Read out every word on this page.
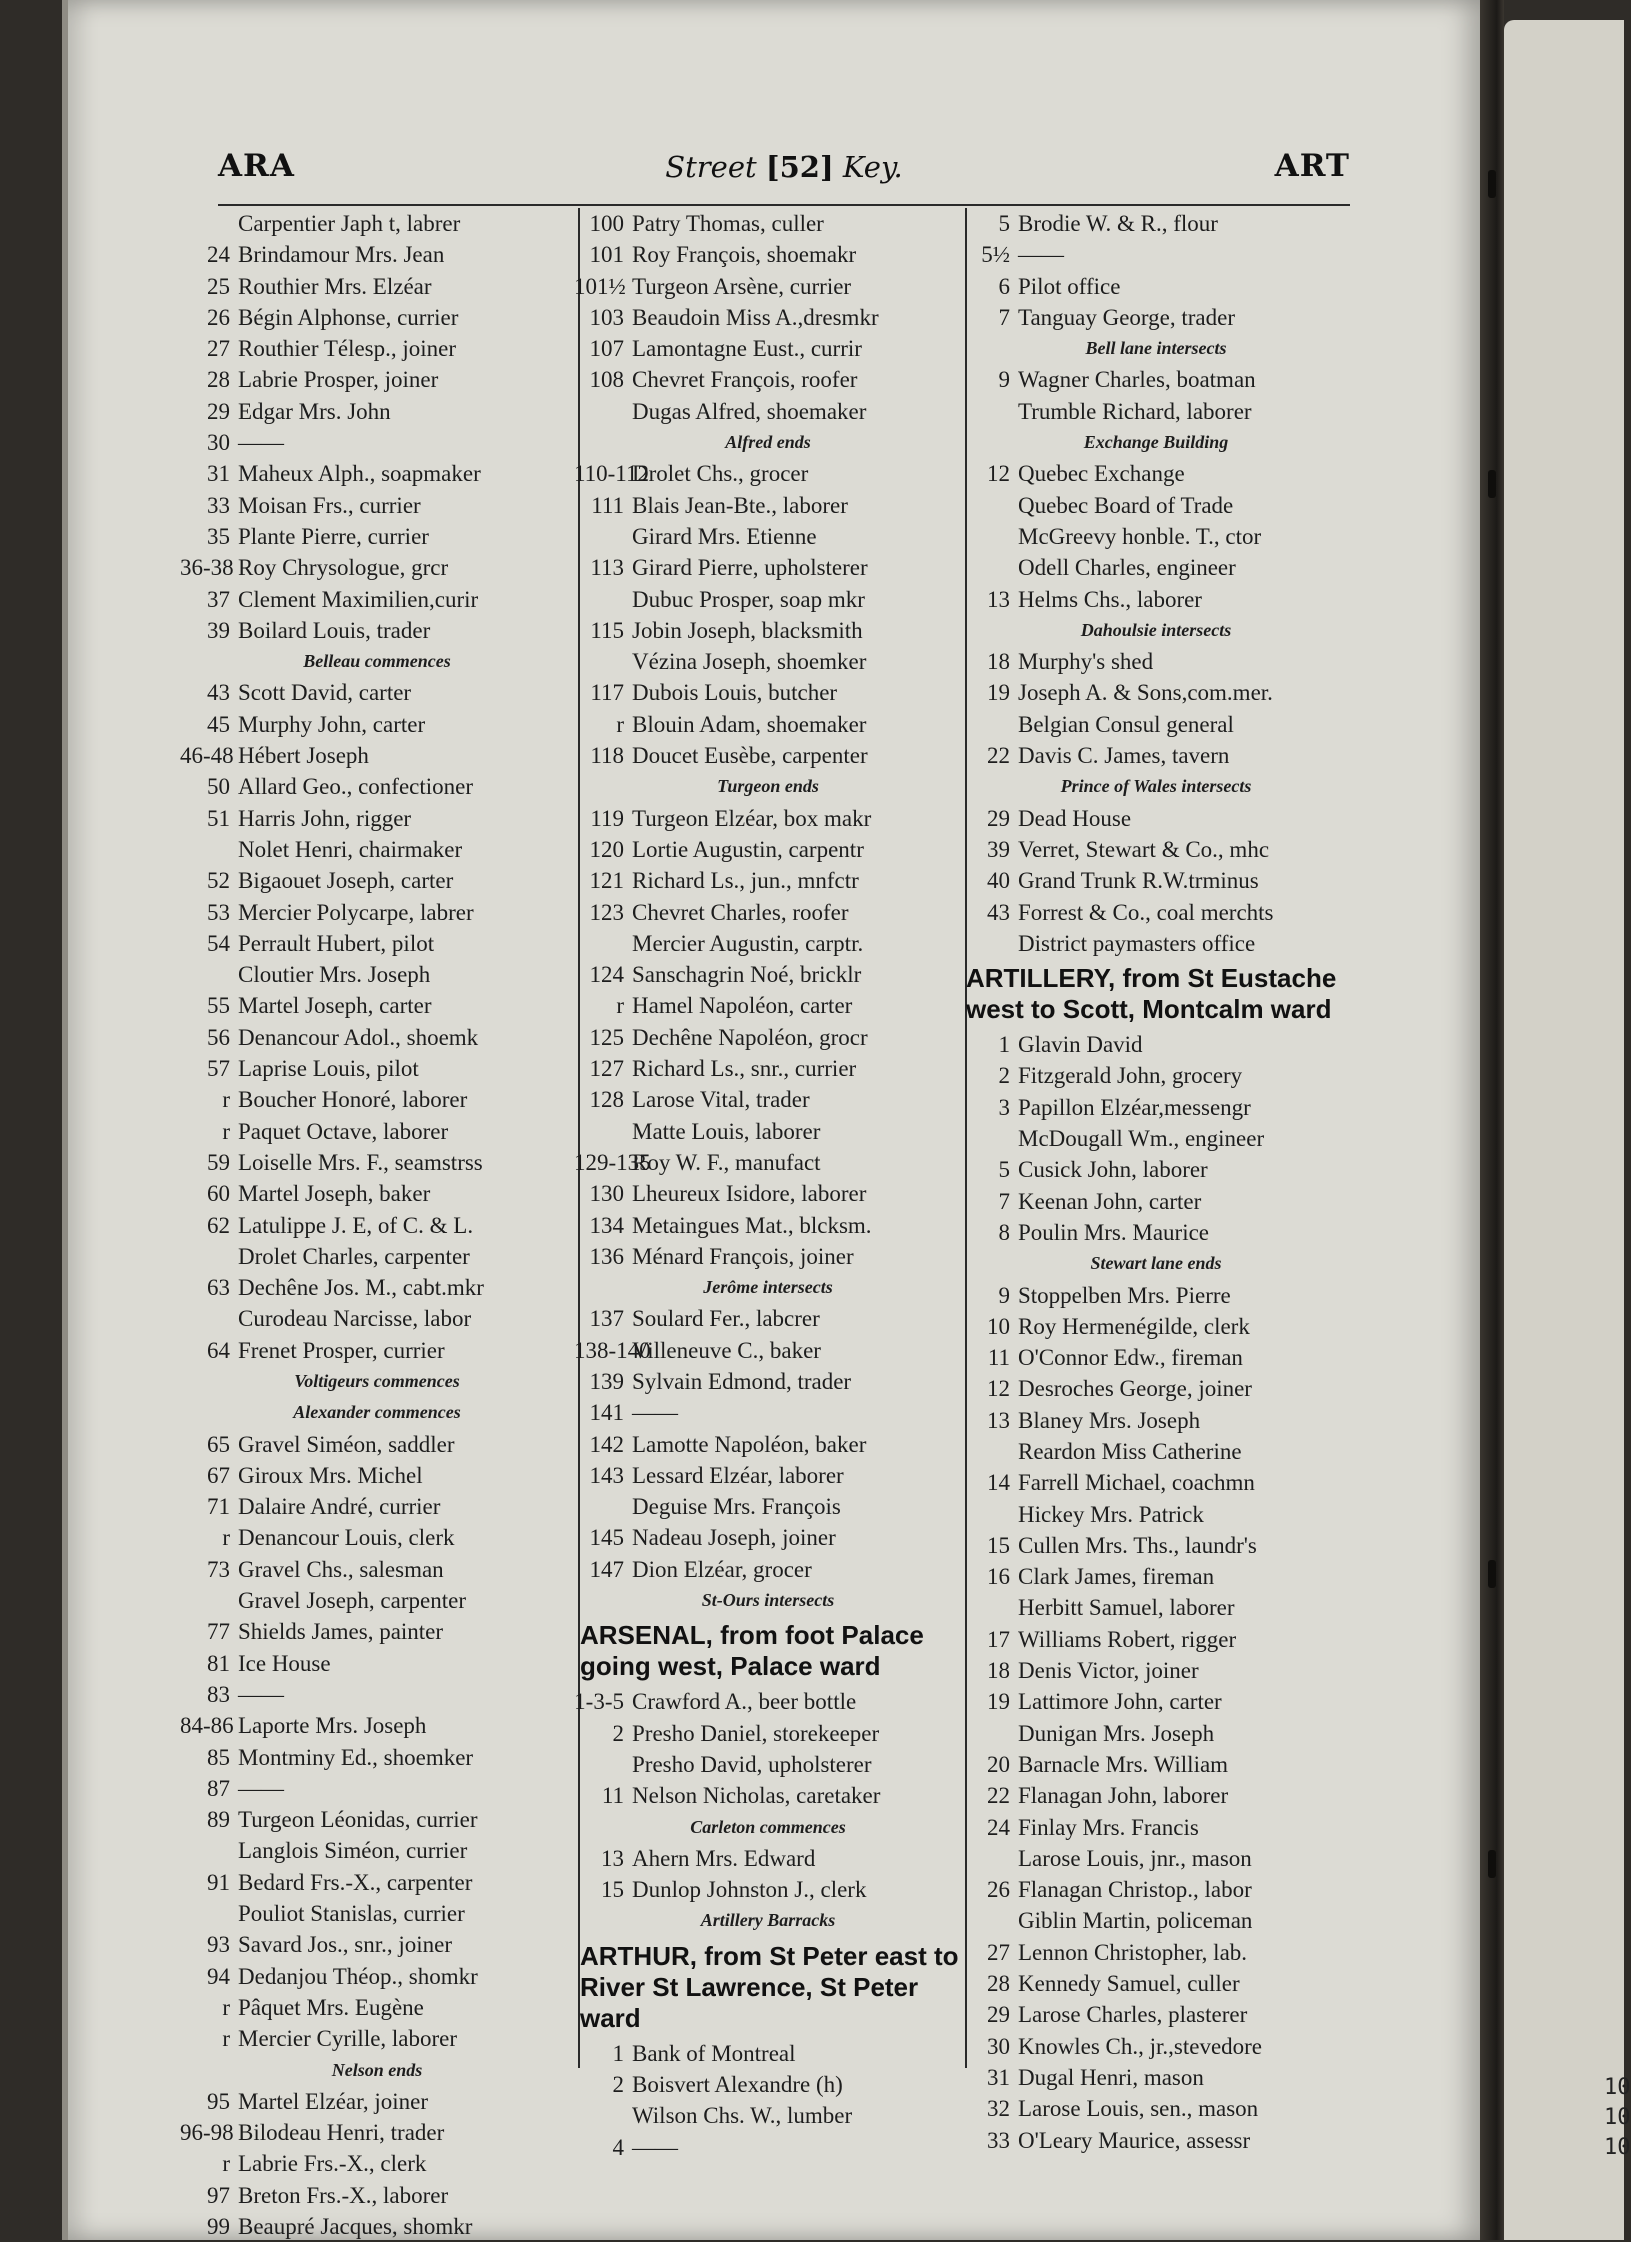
10
10
10
ARA	Street [52] Key.	ART
Carpentier Japh t, labrer
24 Brindamour Mrs. Jean
25 Routhier Mrs. Elzéar
26 Bégin Alphonse, currier
27 Routhier Télesp., joiner
28 Labrie Prosper, joiner
29 Edgar Mrs. John
30 ——
31 Maheux Alph., soapmaker
33 Moisan Frs., currier
35 Plante Pierre, currier
36-38 Roy Chrysologue, grcr
37 Clement Maximilien,curir
39 Boilard Louis, trader
Belleau commences
43 Scott David, carter
45 Murphy John, carter
46-48 Hébert Joseph
50 Allard Geo., confectioner
51 Harris John, rigger
Nolet Henri, chairmaker
52 Bigaouet Joseph, carter
53 Mercier Polycarpe, labrer
54 Perrault Hubert, pilot
Cloutier Mrs. Joseph
55 Martel Joseph, carter
56 Denancour Adol., shoemk
57 Laprise Louis, pilot
r Boucher Honoré, laborer
r Paquet Octave, laborer
59 Loiselle Mrs. F., seamstrss
60 Martel Joseph, baker
62 Latulippe J. E, of C. & L.
Drolet Charles, carpenter
63 Dechêne Jos. M., cabt.mkr
Curodeau Narcisse, labor
64 Frenet Prosper, currier
Voltigeurs commences
Alexander commences
65 Gravel Siméon, saddler
67 Giroux Mrs. Michel
71 Dalaire André, currier
r Denancour Louis, clerk
73 Gravel Chs., salesman
Gravel Joseph, carpenter
77 Shields James, painter
81 Ice House
83 ——
84-86 Laporte Mrs. Joseph
85 Montminy Ed., shoemker
87 ——
89 Turgeon Léonidas, currier
Langlois Siméon, currier
91 Bedard Frs.-X., carpenter
Pouliot Stanislas, currier
93 Savard Jos., snr., joiner
94 Dedanjou Théop., shomkr
r Pâquet Mrs. Eugène
r Mercier Cyrille, laborer
Nelson ends
95 Martel Elzéar, joiner
96-98 Bilodeau Henri, trader
r Labrie Frs.-X., clerk
97 Breton Frs.-X., laborer
99 Beaupré Jacques, shomkr
100 Patry Thomas, culler
101 Roy François, shoemakr
101½ Turgeon Arsène, currier
103 Beaudoin Miss A.,dresmkr
107 Lamontagne Eust., currir
108 Chevret François, roofer
Dugas Alfred, shoemaker
Alfred ends
110-112Drolet Chs., grocer
111 Blais Jean-Bte., laborer
Girard Mrs. Etienne
113 Girard Pierre, upholsterer
Dubuc Prosper, soap mkr
115 Jobin Joseph, blacksmith
Vézina Joseph, shoemker
117 Dubois Louis, butcher
r Blouin Adam, shoemaker
118 Doucet Eusèbe, carpenter
Turgeon ends
119 Turgeon Elzéar, box makr
120 Lortie Augustin, carpentr
121 Richard Ls., jun., mnfctr
123 Chevret Charles, roofer
Mercier Augustin, carptr.
124 Sanschagrin Noé, bricklr
r Hamel Napoléon, carter
125 Dechêne Napoléon, grocr
127 Richard Ls., snr., currier
128 Larose Vital, trader
Matte Louis, laborer
129-135Roy W. F., manufact
130 Lheureux Isidore, laborer
134 Metaingues Mat., blcksm.
136 Ménard François, joiner
Jerôme intersects
137 Soulard Fer., labcrer
138-140Villeneuve C., baker
139 Sylvain Edmond, trader
141 ——
142 Lamotte Napoléon, baker
143 Lessard Elzéar, laborer
Deguise Mrs. François
145 Nadeau Joseph, joiner
147 Dion Elzéar, grocer
St-Ours intersects
ARSENAL, from foot Palace going west, Palace ward
1-3-5 Crawford A., beer bottle
2 Presho Daniel, storekeeper
Presho David, upholsterer
11 Nelson Nicholas, caretaker
Carleton commences
13 Ahern Mrs. Edward
15 Dunlop Johnston J., clerk
Artillery Barracks
ARTHUR, from St Peter east to River St Lawrence, St Peter ward
1 Bank of Montreal
2 Boisvert Alexandre (h)
Wilson Chs. W., lumber
4 ——
5 Brodie W. & R., flour
5½ ——
6 Pilot office
7 Tanguay George, trader
Bell lane intersects
9 Wagner Charles, boatman
Trumble Richard, laborer
Exchange Building
12 Quebec Exchange
Quebec Board of Trade
McGreevy honble. T., ctor
Odell Charles, engineer
13 Helms Chs., laborer
Dahoulsie intersects
18 Murphy's shed
19 Joseph A. & Sons,com.mer.
Belgian Consul general
22 Davis C. James, tavern
Prince of Wales intersects
29 Dead House
39 Verret, Stewart & Co., mhc
40 Grand Trunk R.W.trminus
43 Forrest & Co., coal merchts
District paymasters office
ARTILLERY, from St Eustache west to Scott, Montcalm ward
1 Glavin David
2 Fitzgerald John, grocery
3 Papillon Elzéar,messengr
McDougall Wm., engineer
5 Cusick John, laborer
7 Keenan John, carter
8 Poulin Mrs. Maurice
Stewart lane ends
9 Stoppelben Mrs. Pierre
10 Roy Hermenégilde, clerk
11 O'Connor Edw., fireman
12 Desroches George, joiner
13 Blaney Mrs. Joseph
Reardon Miss Catherine
14 Farrell Michael, coachmn
Hickey Mrs. Patrick
15 Cullen Mrs. Ths., laundr's
16 Clark James, fireman
Herbitt Samuel, laborer
17 Williams Robert, rigger
18 Denis Victor, joiner
19 Lattimore John, carter
Dunigan Mrs. Joseph
20 Barnacle Mrs. William
22 Flanagan John, laborer
24 Finlay Mrs. Francis
Larose Louis, jnr., mason
26 Flanagan Christop., labor
Giblin Martin, policeman
27 Lennon Christopher, lab.
28 Kennedy Samuel, culler
29 Larose Charles, plasterer
30 Knowles Ch., jr.,stevedore
31 Dugal Henri, mason
32 Larose Louis, sen., mason
33 O'Leary Maurice, assessr
